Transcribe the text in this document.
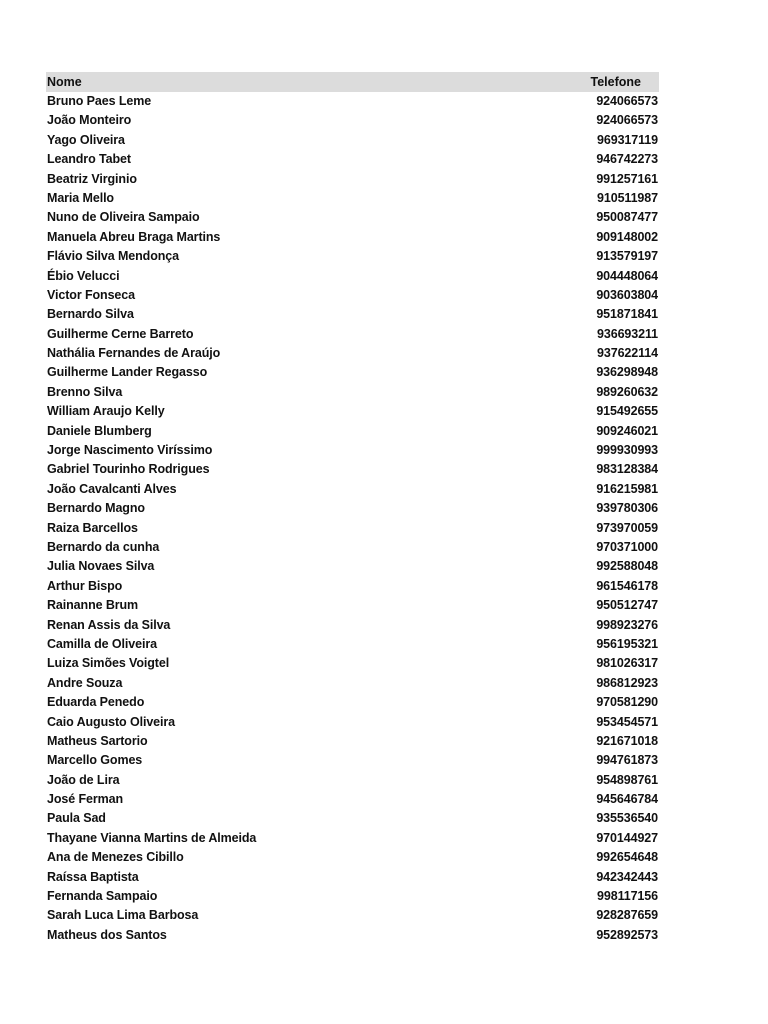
Nome	Telefone
Bruno Paes Leme	924066573
João Monteiro	924066573
Yago Oliveira	969317119
Leandro Tabet	946742273
Beatriz Virginio	991257161
Maria Mello	910511987
Nuno de Oliveira Sampaio	950087477
Manuela Abreu Braga Martins	909148002
Flávio Silva Mendonça	913579197
Ébio Velucci	904448064
Victor Fonseca	903603804
Bernardo Silva	951871841
Guilherme Cerne Barreto	936693211
Nathália Fernandes de Araújo	937622114
Guilherme Lander Regasso	936298948
Brenno Silva	989260632
William Araujo Kelly	915492655
Daniele Blumberg	909246021
Jorge Nascimento Viríssimo	999930993
Gabriel Tourinho Rodrigues	983128384
João Cavalcanti Alves	916215981
Bernardo Magno	939780306
Raiza Barcellos	973970059
Bernardo da cunha	970371000
Julia Novaes Silva	992588048
Arthur Bispo	961546178
Rainanne Brum	950512747
Renan Assis da Silva	998923276
Camilla de Oliveira	956195321
Luiza Simões Voigtel	981026317
Andre Souza	986812923
Eduarda Penedo	970581290
Caio Augusto Oliveira	953454571
Matheus Sartorio	921671018
Marcello Gomes	994761873
João de Lira	954898761
José Ferman	945646784
Paula Sad	935536540
Thayane Vianna Martins de Almeida	970144927
Ana de Menezes Cibillo	992654648
Raíssa Baptista	942342443
Fernanda Sampaio	998117156
Sarah Luca Lima Barbosa	928287659
Matheus dos Santos	952892573
